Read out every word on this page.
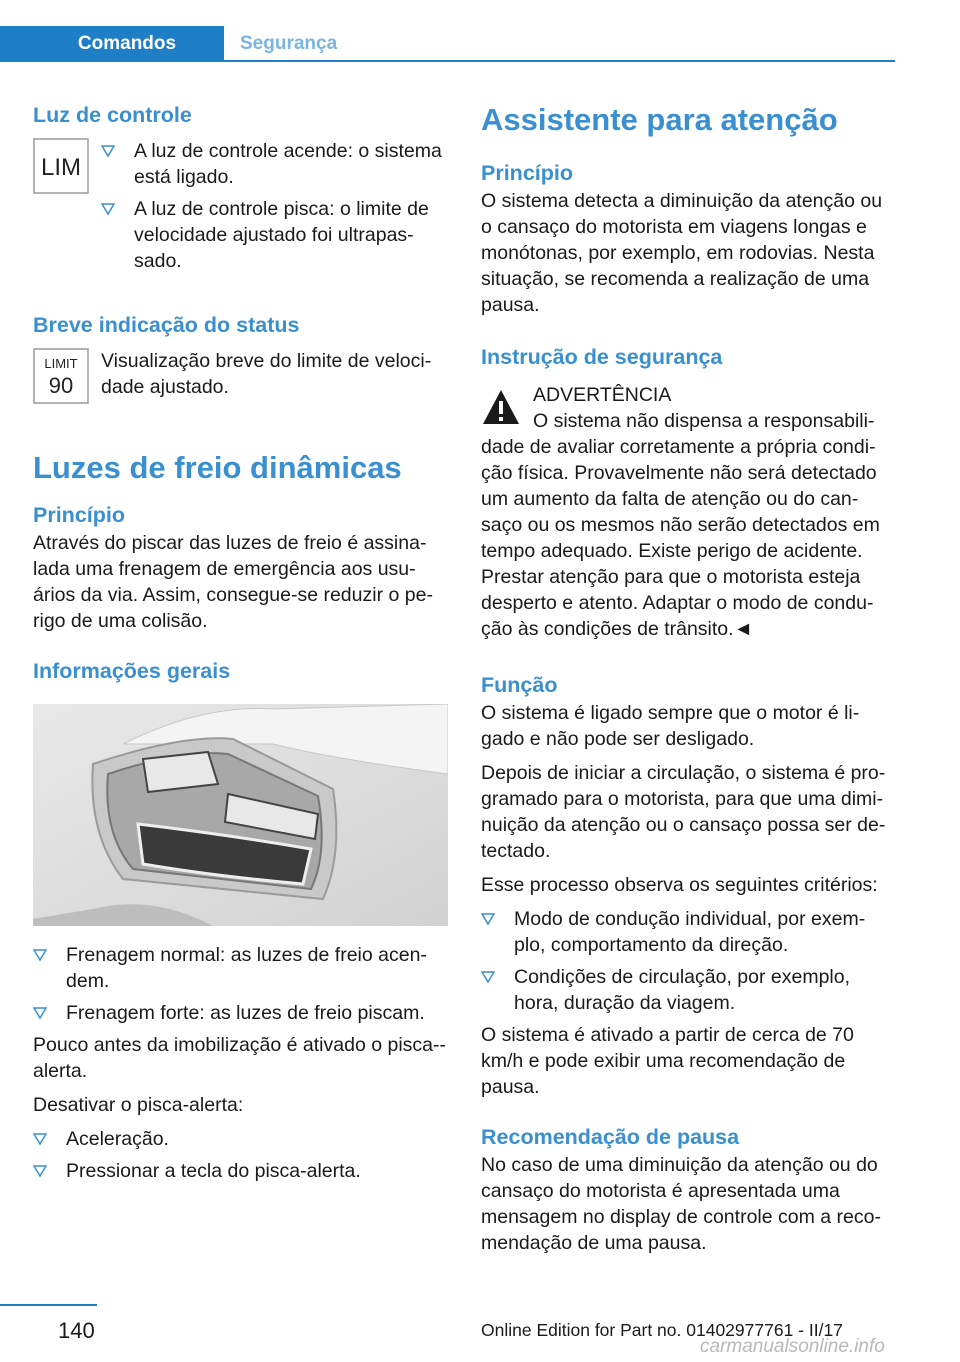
Comandos	Segurança
Luz de controle
LIM
A luz de controle acende: o sistema está ligado.
A luz de controle pisca: o limite de velocidade ajustado foi ultrapas-sado.
Breve indicação do status
LIMIT
90

Visualização breve do limite de veloci-dade ajustado.

Luzes de freio dinâmicas
Princípio

Através do piscar das luzes de freio é assina-lada uma frenagem de emergência aos usu-ários da via. Assim, consegue-se reduzir o pe-rigo de uma colisão.

Informações gerais
Frenagem normal: as luzes de freio acen-dem.
Frenagem forte: as luzes de freio piscam.

Pouco antes da imobilização é ativado o pisca--alerta.

Desativar o pisca-alerta:

Aceleração.
Pressionar a tecla do pisca-alerta.
Assistente para atenção
Princípio

O sistema detecta a diminuição da atenção ou o cansaço do motorista em viagens longas e monótonas, por exemplo, em rodovias. Nesta situação, se recomenda a realização de uma pausa.

Instrução de segurança

ADVERTÊNCIA

O sistema não dispensa a responsabili-

dade de avaliar corretamente a própria condi-ção física. Provavelmente não será detectado um aumento da falta de atenção ou do can-saço ou os mesmos não serão detectados em tempo adequado. Existe perigo de acidente. Prestar atenção para que o motorista esteja desperto e atento. Adaptar o modo de condu-ção às condições de trânsito.◄

Função

O sistema é ligado sempre que o motor é li-gado e não pode ser desligado.

Depois de iniciar a circulação, o sistema é pro-gramado para o motorista, para que uma dimi-nuição da atenção ou o cansaço possa ser de-tectado.

Esse processo observa os seguintes critérios:

Modo de condução individual, por exem-plo, comportamento da direção.
Condições de circulação, por exemplo, hora, duração da viagem.

O sistema é ativado a partir de cerca de 70 km/h e pode exibir uma recomendação de pausa.

Recomendação de pausa

No caso de uma diminuição da atenção ou do cansaço do motorista é apresentada uma mensagem no display de controle com a reco-mendação de uma pausa.

140	Online Edition for Part no. 01402977761 - II/17
carmanualsonline.info
